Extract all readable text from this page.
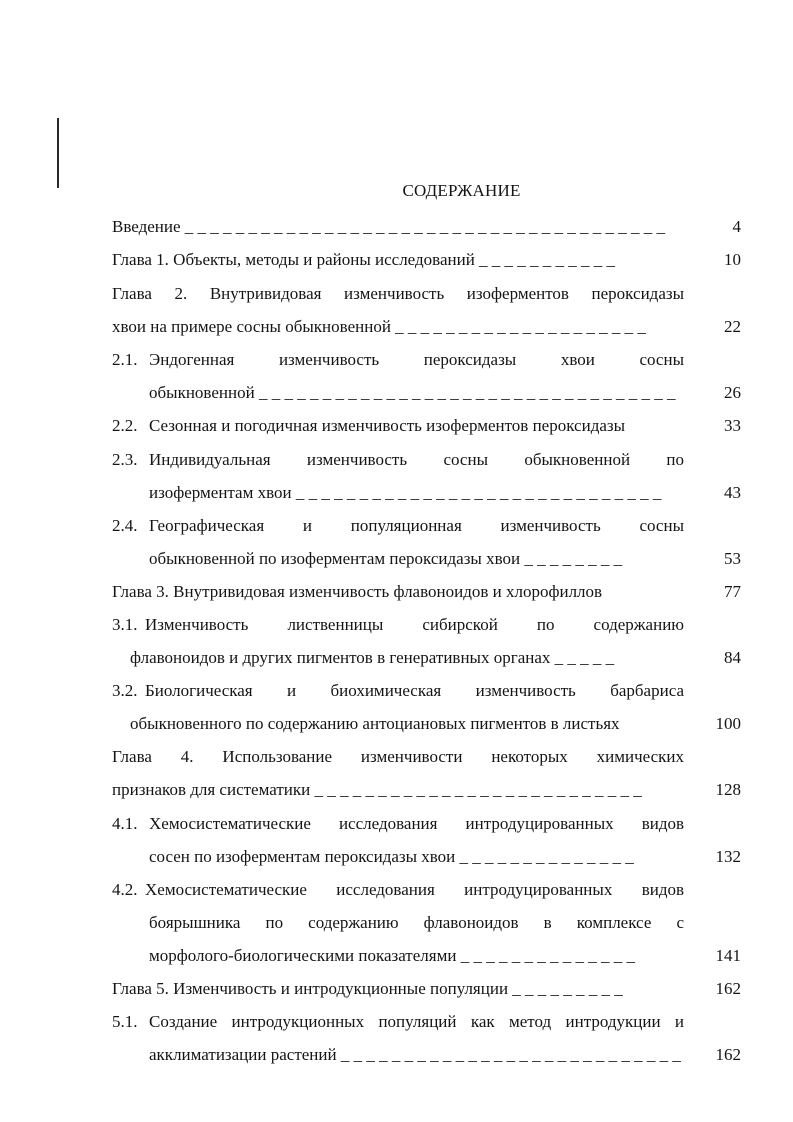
СОДЕРЖАНИЕ
Введение _ _ _ _ _ _ _ _ _ _ _ _ _ _ _ _ _ _ _ _ _ _ _ _ _ _ _ _ _ _ _ _ _ _ _ _ _ _	4
Глава 1. Объекты, методы и районы исследований _ _ _ _ _ _ _ _ _ _ _	10
Глава 2. Внутривидовая изменчивость изоферментов пероксидазы
хвои на примере сосны обыкновенной _ _ _ _ _ _ _ _ _ _ _ _ _ _ _ _ _ _ _ _	22
2.1. Эндогенная изменчивость пероксидазы хвои сосны
обыкновенной _ _ _ _ _ _ _ _ _ _ _ _ _ _ _ _ _ _ _ _ _ _ _ _ _ _ _ _ _ _ _ _ _	26
2.2. Сезонная и погодичная изменчивость изоферментов пероксидазы	33
2.3. Индивидуальная изменчивость сосны обыкновенной по
изоферментам хвои _ _ _ _ _ _ _ _ _ _ _ _ _ _ _ _ _ _ _ _ _ _ _ _ _ _ _ _ _	43
2.4. Географическая и популяционная изменчивость сосны
обыкновенной по изоферментам пероксидазы хвои _ _ _ _ _ _ _ _	53
Глава 3. Внутривидовая изменчивость флавоноидов и хлорофиллов	77
3.1. Изменчивость лиственницы сибирской по содержанию
флавоноидов и других пигментов в генеративных органах _ _ _ _ _	84
3.2. Биологическая и биохимическая изменчивость барбариса
обыкновенного по содержанию антоциановых пигментов в листьях	100
Глава 4. Использование изменчивости некоторых химических
признаков для систематики _ _ _ _ _ _ _ _ _ _ _ _ _ _ _ _ _ _ _ _ _ _ _ _ _ _	128
4.1. Хемосистематические исследования интродуцированных видов
сосен по изоферментам пероксидазы хвои _ _ _ _ _ _ _ _ _ _ _ _ _ _	132
4.2. Хемосистематические исследования интродуцированных видов
боярышника по содержанию флавоноидов в комплексе с
морфолого-биологическими показателями _ _ _ _ _ _ _ _ _ _ _ _ _ _	141
Глава 5. Изменчивость и интродукционные популяции _ _ _ _ _ _ _ _ _	162
5.1. Создание интродукционных популяций как метод интродукции и
акклиматизации растений _ _ _ _ _ _ _ _ _ _ _ _ _ _ _ _ _ _ _ _ _ _ _ _ _ _ _	162
